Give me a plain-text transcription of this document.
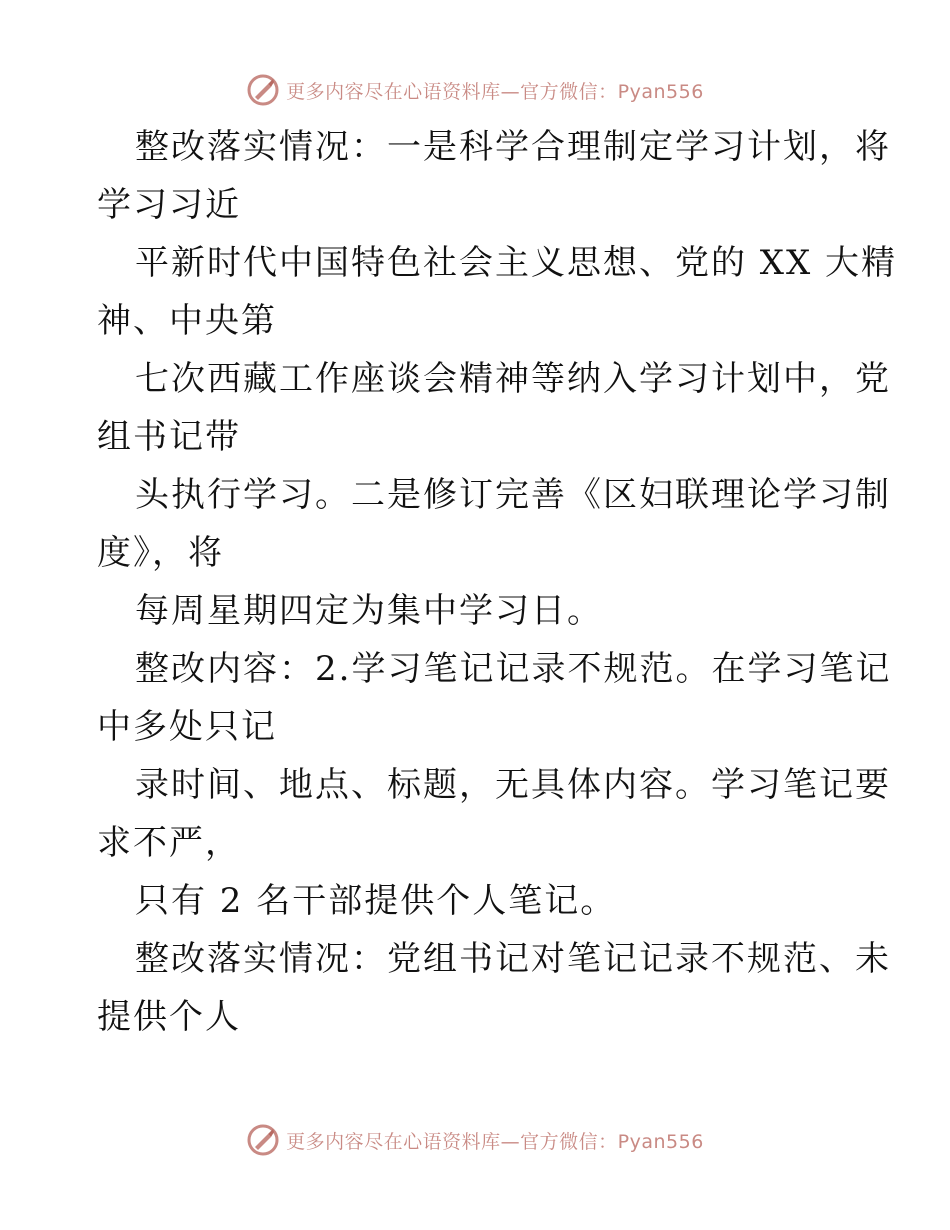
更多内容尽在心语资料库—官方微信：Pyan556
整改落实情况：一是科学合理制定学习计划，将
学习习近
平新时代中国特色社会主义思想、党的 XX 大精
神、中央第
七次西藏工作座谈会精神等纳入学习计划中，党
组书记带
头执行学习。二是修订完善《区妇联理论学习制
度》，将
每周星期四定为集中学习日。
整改内容：2.学习笔记记录不规范。在学习笔记
中多处只记
录时间、地点、标题，无具体内容。学习笔记要
求不严，
只有 2 名干部提供个人笔记。
整改落实情况：党组书记对笔记记录不规范、未
提供个人
更多内容尽在心语资料库—官方微信：Pyan556
